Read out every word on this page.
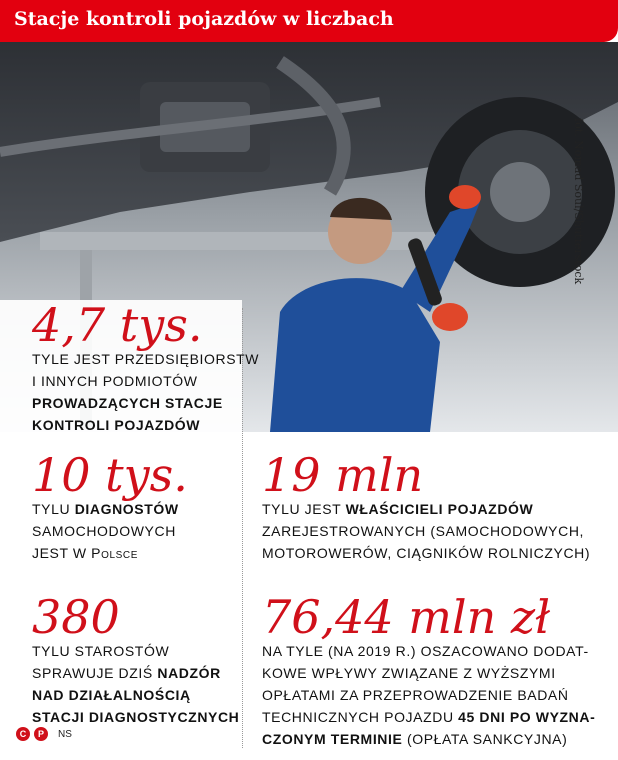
Stacje kontroli pojazdów w liczbach
fot. Nomad Soul/Shutterstock
4,7 tys.
TYLE JEST PRZEDSIĘBIORSTW
I INNYCH PODMIOTÓW
PROWADZĄCYCH STACJE
KONTROLI POJAZDÓW
10 tys.
TYLU DIAGNOSTÓW
SAMOCHODOWYCH
JEST W Polsce
19 mln
TYLU JEST WŁAŚCICIELI POJAZDÓW
ZAREJESTROWANYCH (SAMOCHODOWYCH,
MOTOROWERÓW, CIĄGNIKÓW ROLNICZYCH)
380
TYLU STAROSTÓW
SPRAWUJE DZIŚ NADZÓR
NAD DZIAŁALNOŚCIĄ
STACJI DIAGNOSTYCZNYCH
76,44 mln zł
NA TYLE (NA 2019 R.) OSZACOWANO DODAT-
KOWE WPŁYWY ZWIĄZANE Z WYŻSZYMI
OPŁATAMI ZA PRZEPROWADZENIE BADAŃ
TECHNICZNYCH POJAZDU 45 DNI PO WYZNA-
CZONYM TERMINIE (OPŁATA SANKCYJNA)
C	P	NS
